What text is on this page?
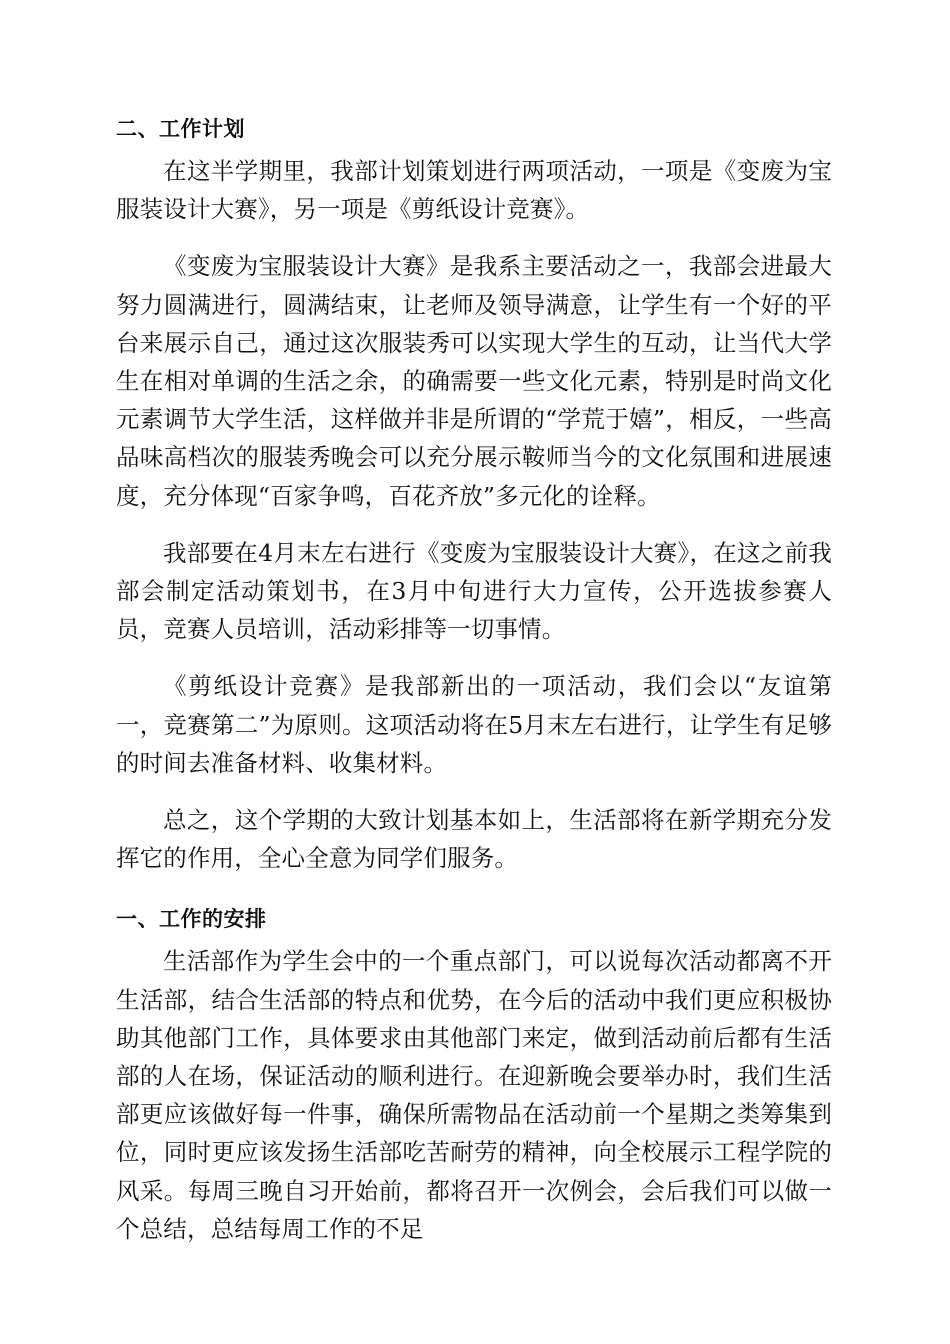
二、工作计划

在这半学期里，我部计划策划进行两项活动，一项是《变废为宝服装设计大赛》，另一项是《剪纸设计竞赛》。

《变废为宝服装设计大赛》是我系主要活动之一，我部会进最大努力圆满进行，圆满结束，让老师及领导满意，让学生有一个好的平台来展示自己，通过这次服装秀可以实现大学生的互动，让当代大学生在相对单调的生活之余，的确需要一些文化元素，特别是时尚文化元素调节大学生活，这样做并非是所谓的“学荒于嬉”，相反，一些高品味高档次的服装秀晚会可以充分展示鞍师当今的文化氛围和进展速度，充分体现“百家争鸣，百花齐放”多元化的诠释。

我部要在4月末左右进行《变废为宝服装设计大赛》，在这之前我部会制定活动策划书，在3月中旬进行大力宣传，公开选拔参赛人员，竞赛人员培训，活动彩排等一切事情。

《剪纸设计竞赛》是我部新出的一项活动，我们会以“友谊第一，竞赛第二”为原则。这项活动将在5月末左右进行，让学生有足够的时间去准备材料、收集材料。

总之，这个学期的大致计划基本如上，生活部将在新学期充分发挥它的作用，全心全意为同学们服务。

一、工作的安排

生活部作为学生会中的一个重点部门，可以说每次活动都离不开生活部，结合生活部的特点和优势，在今后的活动中我们更应积极协助其他部门工作，具体要求由其他部门来定，做到活动前后都有生活部的人在场，保证活动的顺利进行。在迎新晚会要举办时，我们生活部更应该做好每一件事，确保所需物品在活动前一个星期之类筹集到位，同时更应该发扬生活部吃苦耐劳的精神，向全校展示工程学院的风采。每周三晚自习开始前，都将召开一次例会，会后我们可以做一个总结，总结每周工作的不足
